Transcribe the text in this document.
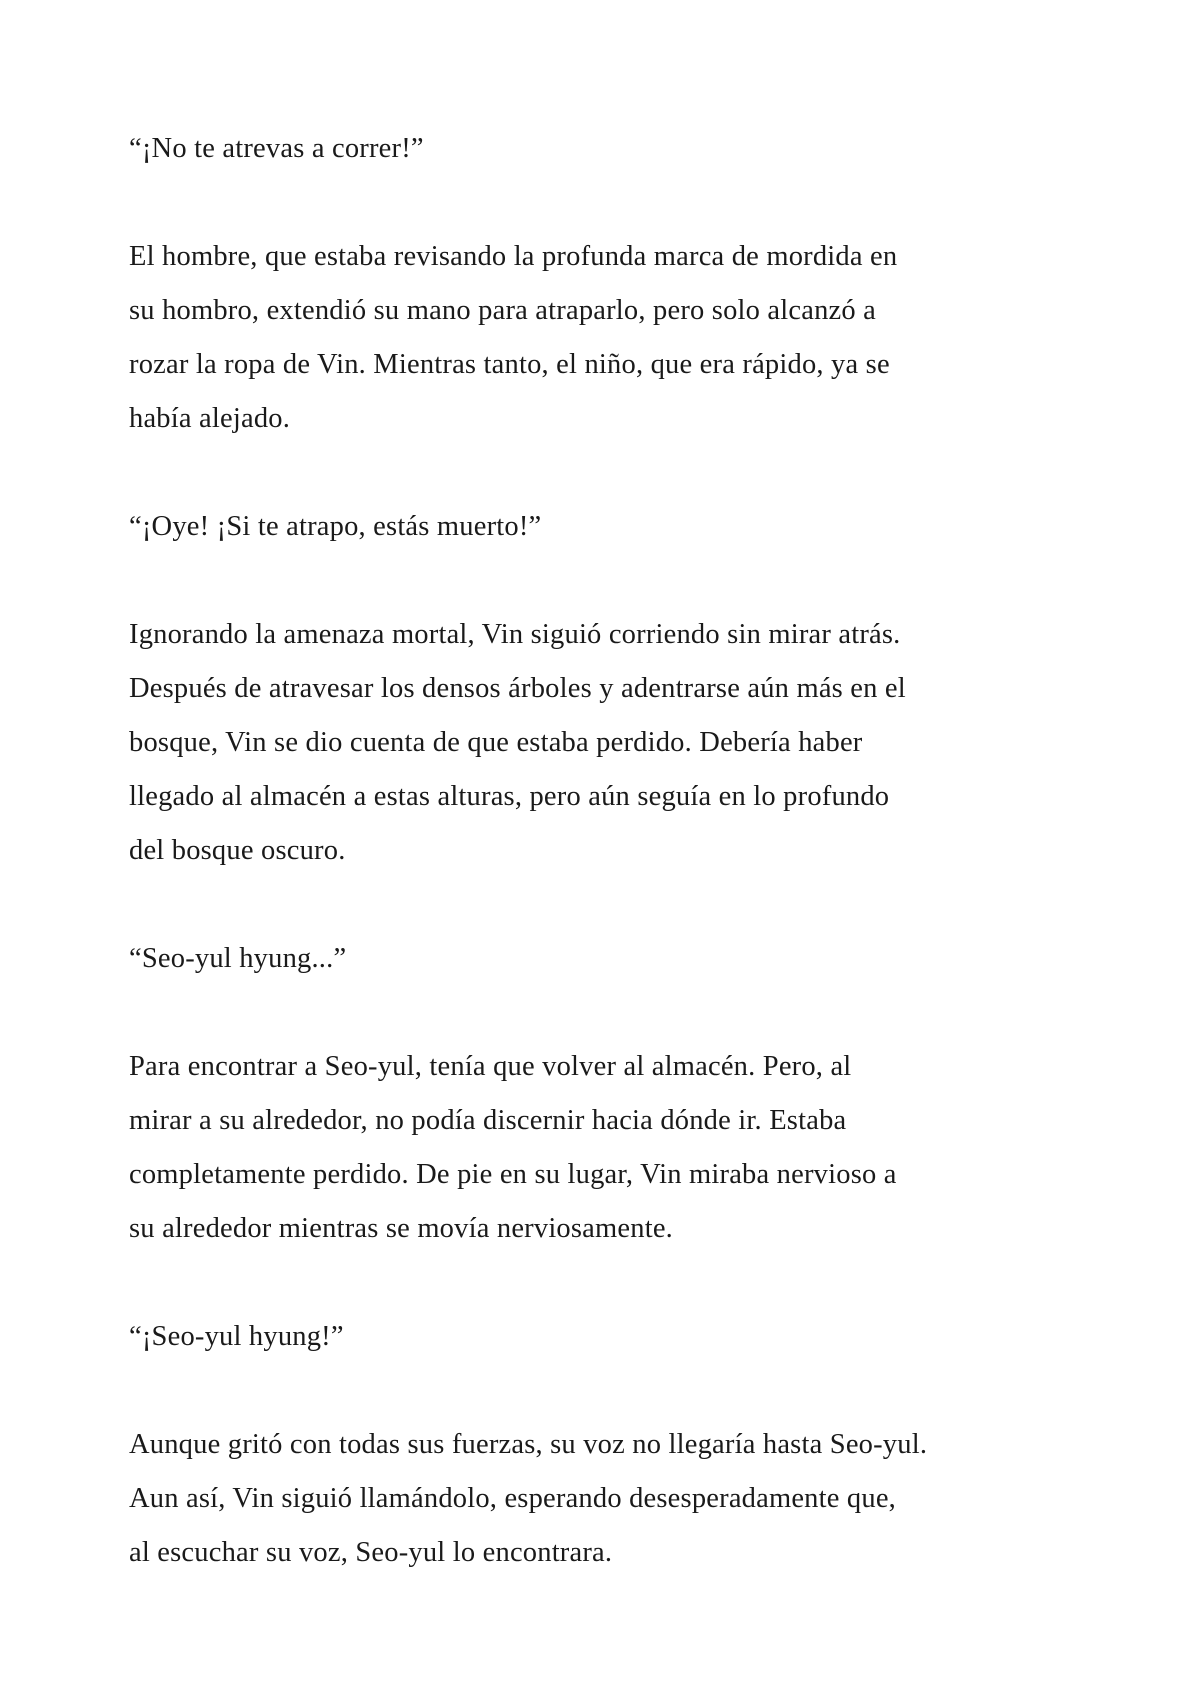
“¡No te atrevas a correr!”

El hombre, que estaba revisando la profunda marca de mordida en
su hombro, extendió su mano para atraparlo, pero solo alcanzó a
rozar la ropa de Vin. Mientras tanto, el niño, que era rápido, ya se
había alejado.

“¡Oye! ¡Si te atrapo, estás muerto!”

Ignorando la amenaza mortal, Vin siguió corriendo sin mirar atrás.
Después de atravesar los densos árboles y adentrarse aún más en el
bosque, Vin se dio cuenta de que estaba perdido. Debería haber
llegado al almacén a estas alturas, pero aún seguía en lo profundo
del bosque oscuro.

“Seo-yul hyung...”

Para encontrar a Seo-yul, tenía que volver al almacén. Pero, al
mirar a su alrededor, no podía discernir hacia dónde ir. Estaba
completamente perdido. De pie en su lugar, Vin miraba nervioso a
su alrededor mientras se movía nerviosamente.

“¡Seo-yul hyung!”

Aunque gritó con todas sus fuerzas, su voz no llegaría hasta Seo-yul.
Aun así, Vin siguió llamándolo, esperando desesperadamente que,
al escuchar su voz, Seo-yul lo encontrara.
